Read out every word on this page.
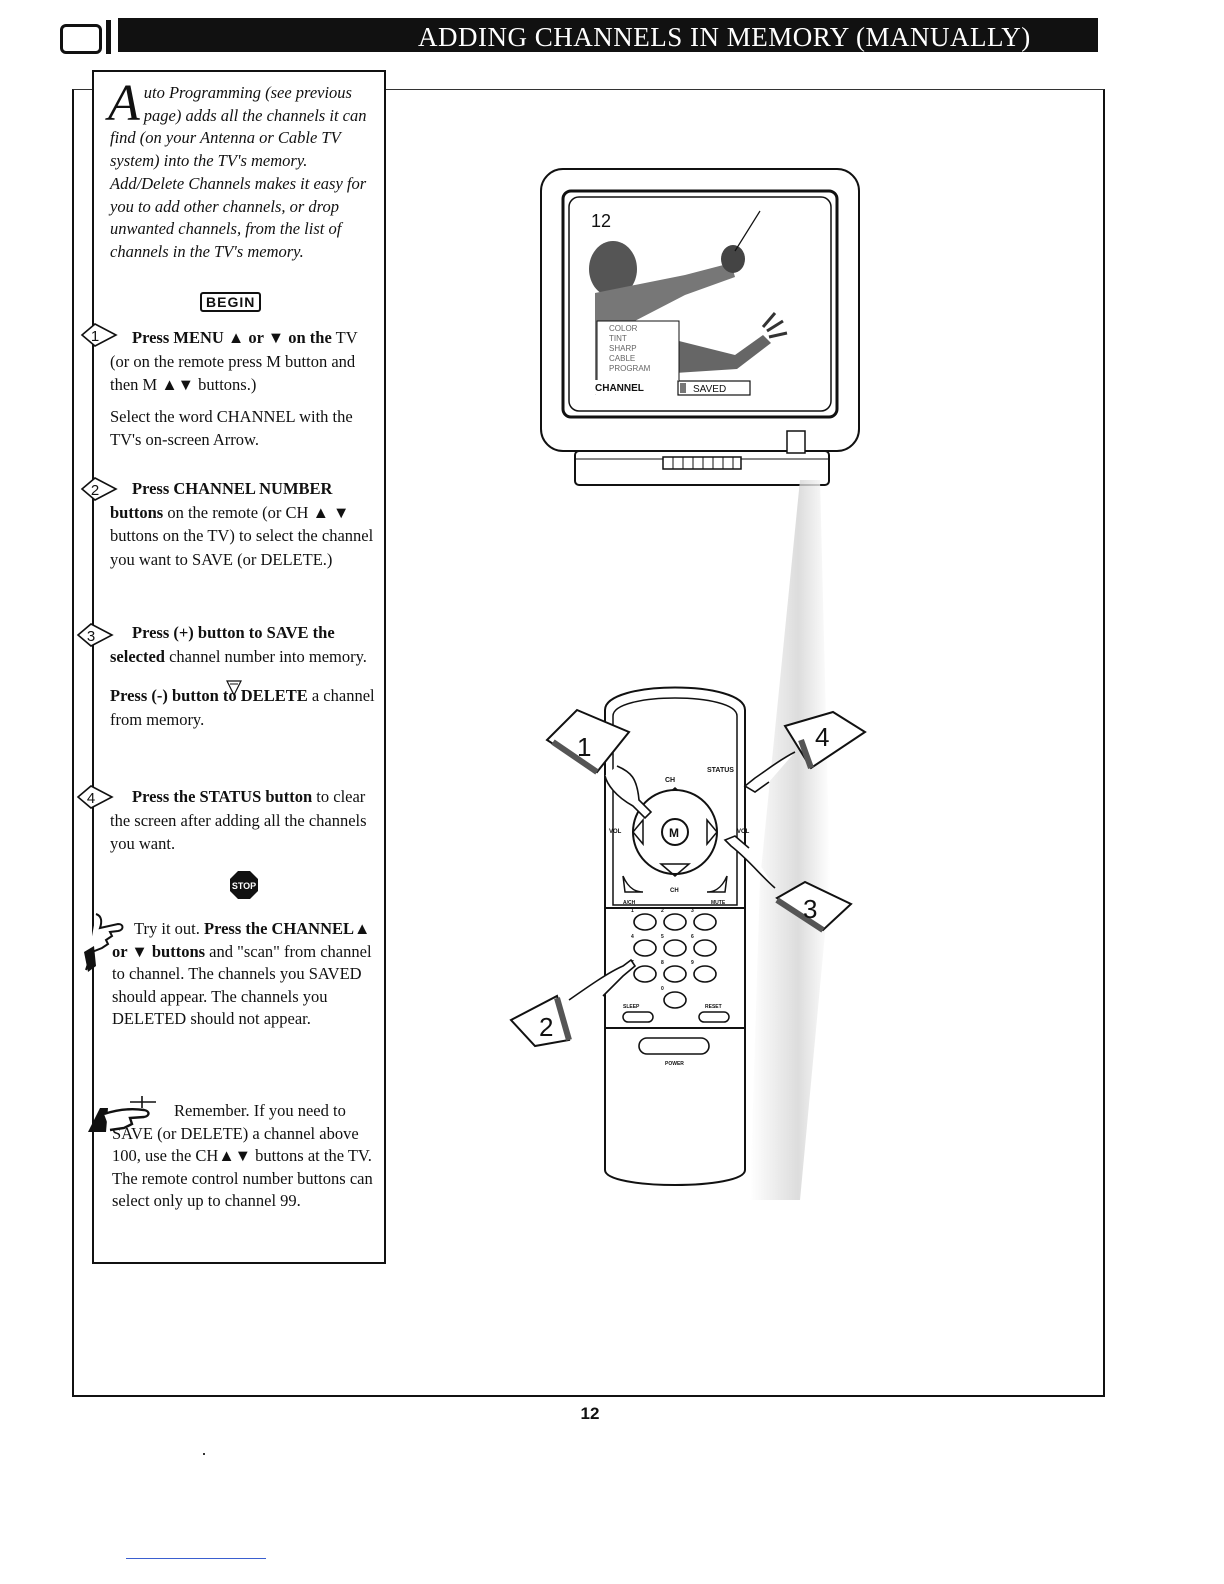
ADDING CHANNELS IN MEMORY (MANUALLY)
A uto Programming (see previous page) adds all the channels it can find (on your Antenna or Cable TV system) into the TV's memory. Add/Delete Channels makes it easy for you to add other channels, or drop unwanted channels, from the list of channels in the TV's memory.
BEGIN
1	Press MENU ▲ or ▼ on the TV (or on the remote press M button and then M ▲▼ buttons.)

Select the word CHANNEL with the TV's on-screen Arrow.

2	Press CHANNEL NUMBER buttons on the remote (or CH ▲ ▼ buttons on the TV) to select the channel you want to SAVE (or DELETE.)

3	Press (+) button to SAVE the selected channel number into memory.

Press (-) button to DELETE a channel from memory.

4	Press the STATUS button to clear the screen after adding all the channels you want.

STOP
Try it out. Press the CHANNEL▲ or ▼ buttons and "scan" from channel to channel. The channels you SAVED should appear. The channels you DELETED should not appear.
Remember. If you need to SAVE (or DELETE) a channel above 100, use the CH▲▼ buttons at the TV. The remote control number buttons can select only up to channel 99.
12
COLOR
TINT
SHARP
CABLE
PROGRAM
CHANNEL	SAVED
CH
STATUS
M
VOL	VOL
CH
A/CH	MUTE
1	2	3
4	5	6
8	9
0
SLEEP	RESET
POWER
1	4
3
2
12
